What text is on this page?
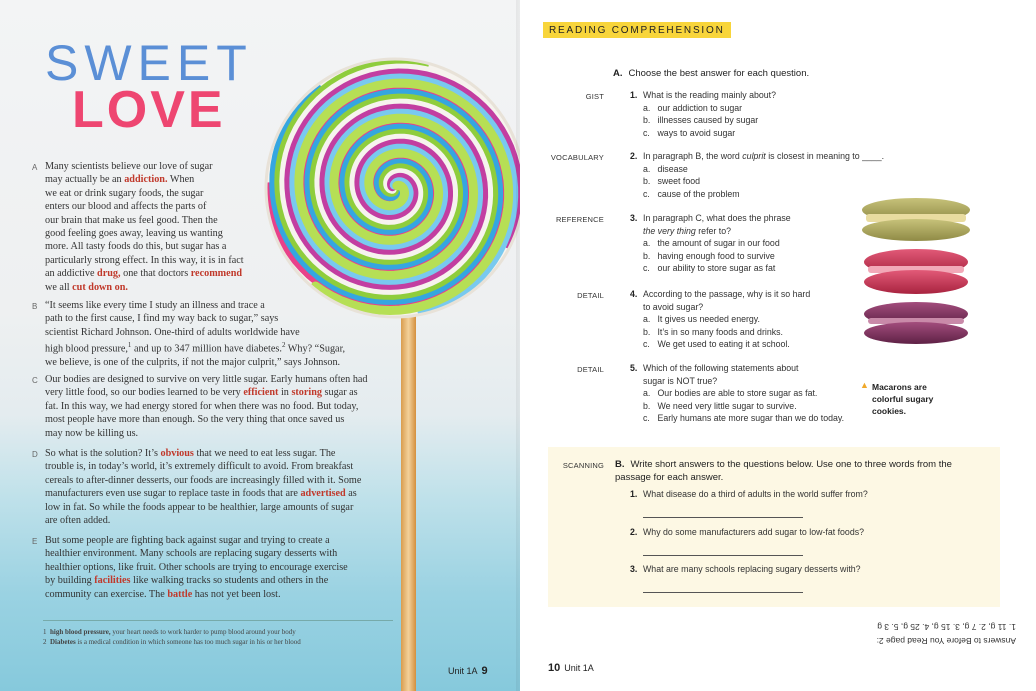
SWEET
LOVE
A Many scientists believe our love of sugar
may actually be an addiction. When
we eat or drink sugary foods, the sugar
enters our blood and affects the parts of
our brain that make us feel good. Then the
good feeling goes away, leaving us wanting
more. All tasty foods do this, but sugar has a
particularly strong effect. In this way, it is in fact
an addictive drug, one that doctors recommend
we all cut down on.
B “It seems like every time I study an illness and trace a
path to the first cause, I find my way back to sugar,” says
scientist Richard Johnson. One-third of adults worldwide have
high blood pressure,$^1$ and up to 347 million have diabetes.$^2$ Why? “Sugar,
we believe, is one of the culprits, if not the major culprit,” says Johnson.
C Our bodies are designed to survive on very little sugar. Early humans often had
very little food, so our bodies learned to be very efficient in storing sugar as
fat. In this way, we had energy stored for when there was no food. But today,
most people have more than enough. So the very thing that once saved us
may now be killing us.
D So what is the solution? It’s obvious that we need to eat less sugar. The
trouble is, in today’s world, it’s extremely difficult to avoid. From breakfast
cereals to after-dinner desserts, our foods are increasingly filled with it. Some
manufacturers even use sugar to replace taste in foods that are advertised as
low in fat. So while the foods appear to be healthier, large amounts of sugar
are often added.
E But some people are fighting back against sugar and trying to create a
healthier environment. Many schools are replacing sugary desserts with
healthier options, like fruit. Other schools are trying to encourage exercise
by building facilities like walking tracks so students and others in the
community can exercise. The battle has not yet been lost.
1 high blood pressure, your heart needs to work harder to pump blood around your body
2 Diabetes is a medical condition in which someone has too much sugar in his or her blood
Unit 1A 9
READING COMPREHENSION
A. Choose the best answer for each question.
GIST	1. What is the reading mainly about?
a. our addiction to sugar
b. illnesses caused by sugar
c. ways to avoid sugar
VOCABULARY	2. In paragraph B, the word culprit is closest in meaning to ____.
a. disease
b. sweet food
c. cause of the problem
REFERENCE	3. In paragraph C, what does the phrase
the very thing refer to?
a. the amount of sugar in our food
b. having enough food to survive
c. our ability to store sugar as fat
DETAIL	4. According to the passage, why is it so hard
to avoid sugar?
a. It gives us needed energy.
b. It’s in so many foods and drinks.
c. We get used to eating it at school.
DETAIL	5. Which of the following statements about
sugar is NOT true?
a. Our bodies are able to store sugar as fat.
b. We need very little sugar to survive.
c. Early humans ate more sugar than we do today.
▲ Macarons are
colorful sugary
cookies.
SCANNING B. Write short answers to the questions below. Use one to three words from the
passage for each answer.
1. What disease do a third of adults in the world suffer from?
2. Why do some manufacturers add sugar to low-fat foods?
3. What are many schools replacing sugary desserts with?
Answers to Before You Read page 2:
1. 11 g, 2. 7 g, 3. 15 g, 4. 25 g, 5. 3 g
10 Unit 1A
